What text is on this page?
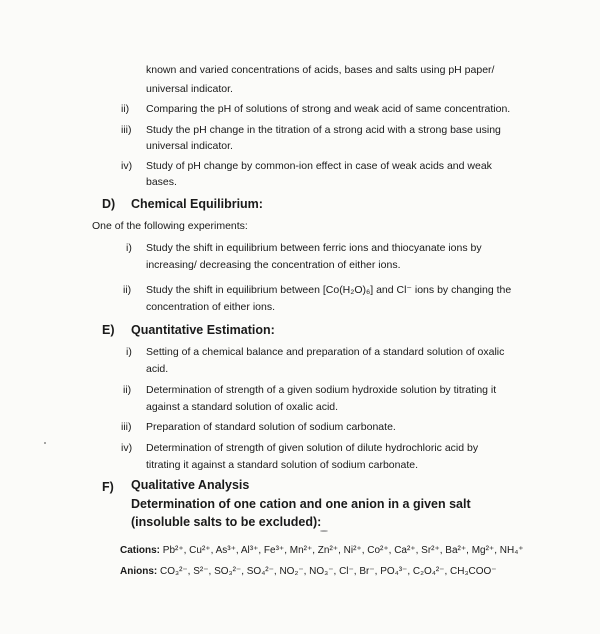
known and varied concentrations of acids, bases and salts using pH paper/
universal indicator.
ii) Comparing the pH of solutions of strong and weak acid of same concentration.
iii) Study the pH change in the titration of a strong acid with a strong base using
universal indicator.
iv) Study of pH change by common-ion effect in case of weak acids and weak
bases.
D) Chemical Equilibrium:
One of the following experiments:
i) Study the shift in equilibrium between ferric ions and thiocyanate ions by
increasing/ decreasing the concentration of either ions.
ii) Study the shift in equilibrium between [Co(H₂O)₆] and Cl⁻ ions by changing the
concentration of either ions.
E) Quantitative Estimation:
i) Setting of a chemical balance and preparation of a standard solution of oxalic
acid.
ii) Determination of strength of a given sodium hydroxide solution by titrating it
against a standard solution of oxalic acid.
iii) Preparation of standard solution of sodium carbonate.
iv) Determination of strength of given solution of dilute hydrochloric acid by
titrating it against a standard solution of sodium carbonate.
F) Qualitative Analysis
Determination of one cation and one anion in a given salt
(insoluble salts to be excluded):
Cations: Pb²⁺, Cu²⁺, As³⁺, Al³⁺, Fe³⁺, Mn²⁺, Zn²⁺, Ni²⁺, Co²⁺, Ca²⁺, Sr²⁺, Ba²⁺, Mg²⁺, NH₄⁺
Anions: CO₃²⁻, S²⁻, SO₃²⁻, SO₄²⁻, NO₂⁻, NO₃⁻, Cl⁻, Br⁻, PO₄³⁻, C₂O₄²⁻, CH₃COO⁻
